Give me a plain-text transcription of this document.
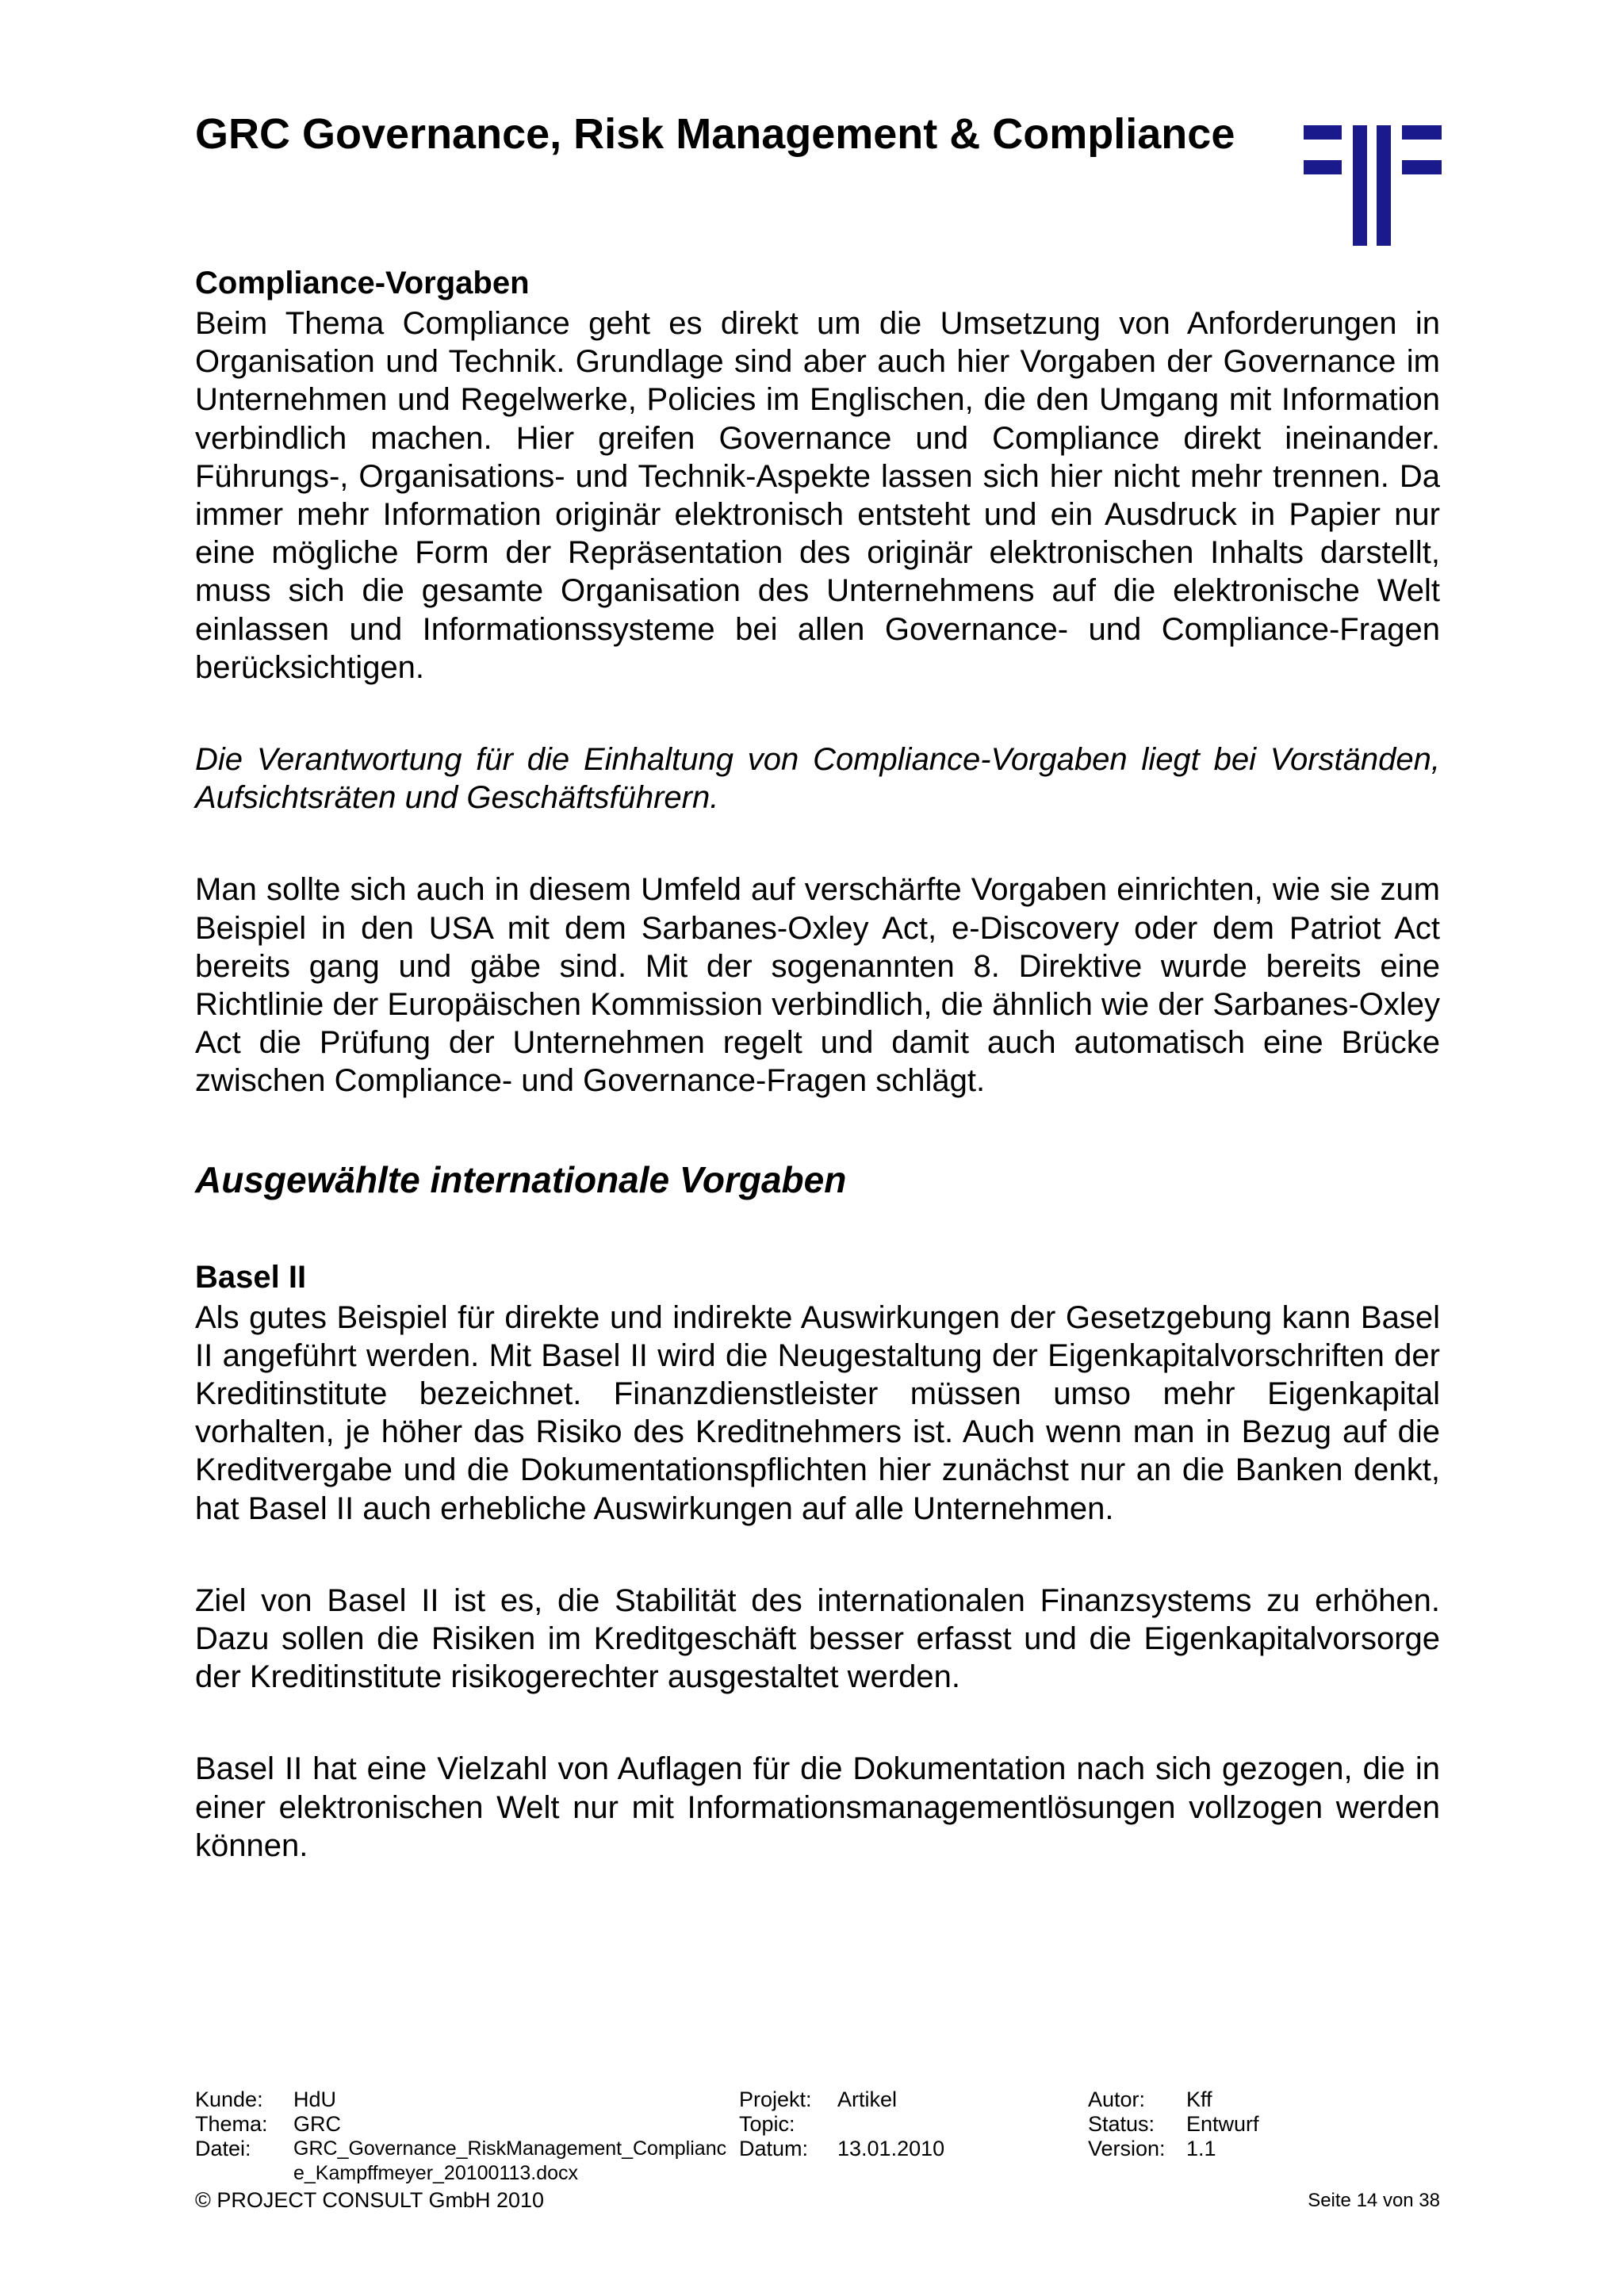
GRC Governance, Risk Management & Compliance

Compliance-Vorgaben

Beim Thema Compliance geht es direkt um die Umsetzung von Anforderungen in Organisation und Technik. Grundlage sind aber auch hier Vorgaben der Governance im Unternehmen und Regelwerke, Policies im Englischen, die den Umgang mit Information verbindlich machen. Hier greifen Governance und Compliance direkt ineinander. Führungs-, Organisations- und Technik-Aspekte lassen sich hier nicht mehr trennen. Da immer mehr Information originär elektronisch entsteht und ein Ausdruck in Papier nur eine mögliche Form der Repräsentation des originär elektronischen Inhalts darstellt, muss sich die gesamte Organisation des Unternehmens auf die elektronische Welt einlassen und Informationssysteme bei allen Governance- und Compliance-Fragen berücksichtigen.

Die Verantwortung für die Einhaltung von Compliance-Vorgaben liegt bei Vorständen, Aufsichtsräten und Geschäftsführern.

Man sollte sich auch in diesem Umfeld auf verschärfte Vorgaben einrichten, wie sie zum Beispiel in den USA mit dem Sarbanes-Oxley Act, e-Discovery oder dem Patriot Act bereits gang und gäbe sind. Mit der sogenannten 8. Direktive wurde bereits eine Richtlinie der Europäischen Kommission verbindlich, die ähnlich wie der Sarbanes-Oxley Act die Prüfung der Unternehmen regelt und damit auch automatisch eine Brücke zwischen Compliance- und Governance-Fragen schlägt.

Ausgewählte internationale Vorgaben

Basel II

Als gutes Beispiel für direkte und indirekte Auswirkungen der Gesetzgebung kann Basel II angeführt werden. Mit Basel II wird die Neugestaltung der Eigenkapitalvorschriften der Kreditinstitute bezeichnet. Finanzdienstleister müssen umso mehr Eigenkapital vorhalten, je höher das Risiko des Kreditnehmers ist. Auch wenn man in Bezug auf die Kreditvergabe und die Dokumentationspflichten hier zunächst nur an die Banken denkt, hat Basel II auch erhebliche Auswirkungen auf alle Unternehmen.

Ziel von Basel II ist es, die Stabilität des internationalen Finanzsystems zu erhöhen. Dazu sollen die Risiken im Kreditgeschäft besser erfasst und die Eigenkapitalvorsorge der Kreditinstitute risikogerechter ausgestaltet werden.

Basel II hat eine Vielzahl von Auflagen für die Dokumentation nach sich gezogen, die in einer elektronischen Welt nur mit Informationsmanagementlösungen vollzogen werden können.

Kunde: HdU	Projekt: Artikel	Autor: Kff
Thema: GRC	Topic:	Status: Entwurf
Datei: GRC_Governance_RiskManagement_Complianc Datum: 13.01.2010	Version: 1.1
e_Kampffmeyer_20100113.docx
© PROJECT CONSULT GmbH 2010	Seite 14 von 38
